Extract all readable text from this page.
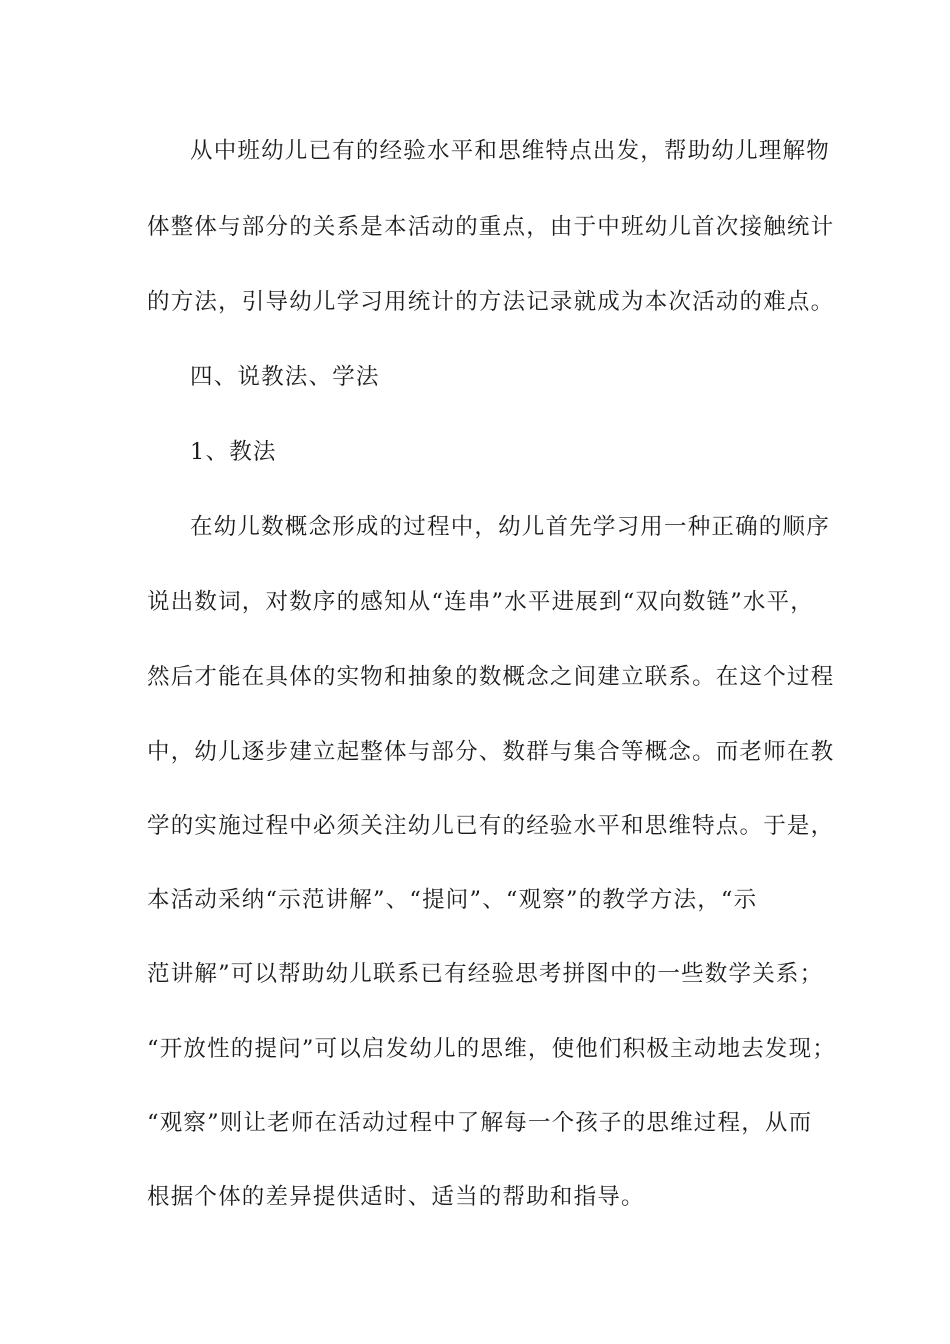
从中班幼儿已有的经验水平和思维特点出发，帮助幼儿理解物
体整体与部分的关系是本活动的重点，由于中班幼儿首次接触统计
的方法，引导幼儿学习用统计的方法记录就成为本次活动的难点。
四、说教法、学法
1、教法
在幼儿数概念形成的过程中，幼儿首先学习用一种正确的顺序
说出数词，对数序的感知从“连串”水平进展到“双向数链”水平，
然后才能在具体的实物和抽象的数概念之间建立联系。在这个过程
中，幼儿逐步建立起整体与部分、数群与集合等概念。而老师在教
学的实施过程中必须关注幼儿已有的经验水平和思维特点。于是，
本活动采纳“示范讲解”、“提问”、“观察”的教学方法，“示
范讲解”可以帮助幼儿联系已有经验思考拼图中的一些数学关系；
“开放性的提问”可以启发幼儿的思维，使他们积极主动地去发现；
“观察”则让老师在活动过程中了解每一个孩子的思维过程，从而
根据个体的差异提供适时、适当的帮助和指导。
